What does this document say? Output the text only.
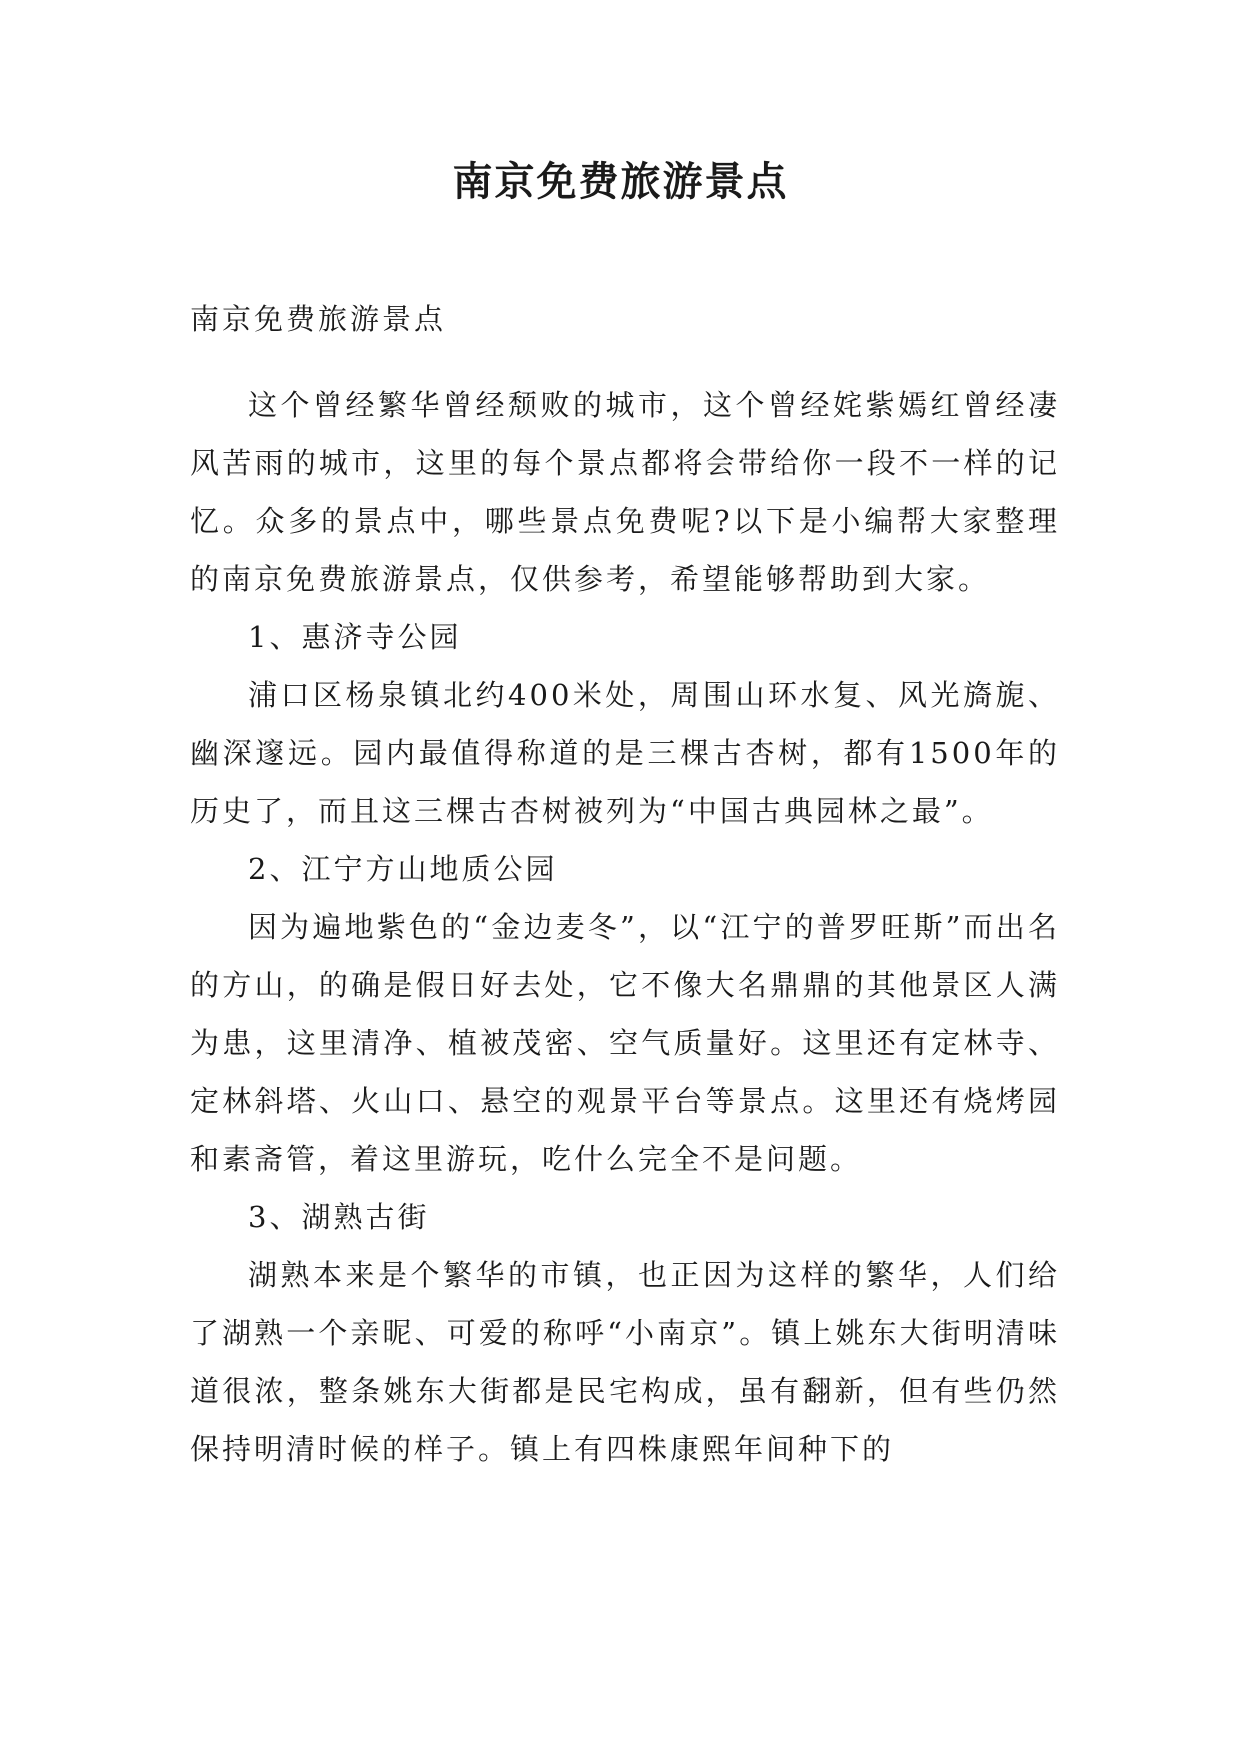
南京免费旅游景点

南京免费旅游景点

这个曾经繁华曾经颓败的城市，这个曾经姹紫嫣红曾经凄风苦雨的城市，这里的每个景点都将会带给你一段不一样的记忆。众多的景点中，哪些景点免费呢?以下是小编帮大家整理的南京免费旅游景点，仅供参考，希望能够帮助到大家。

1、惠济寺公园

浦口区杨泉镇北约400米处，周围山环水复、风光旖旎、幽深邃远。园内最值得称道的是三棵古杏树，都有1500年的历史了，而且这三棵古杏树被列为“中国古典园林之最”。

2、江宁方山地质公园

因为遍地紫色的“金边麦冬”，以“江宁的普罗旺斯”而出名的方山，的确是假日好去处，它不像大名鼎鼎的其他景区人满为患，这里清净、植被茂密、空气质量好。这里还有定林寺、定林斜塔、火山口、悬空的观景平台等景点。这里还有烧烤园和素斋管，着这里游玩，吃什么完全不是问题。

3、湖熟古街

湖熟本来是个繁华的市镇，也正因为这样的繁华，人们给了湖熟一个亲昵、可爱的称呼“小南京”。镇上姚东大街明清味道很浓，整条姚东大街都是民宅构成，虽有翻新，但有些仍然保持明清时候的样子。镇上有四株康熙年间种下的
